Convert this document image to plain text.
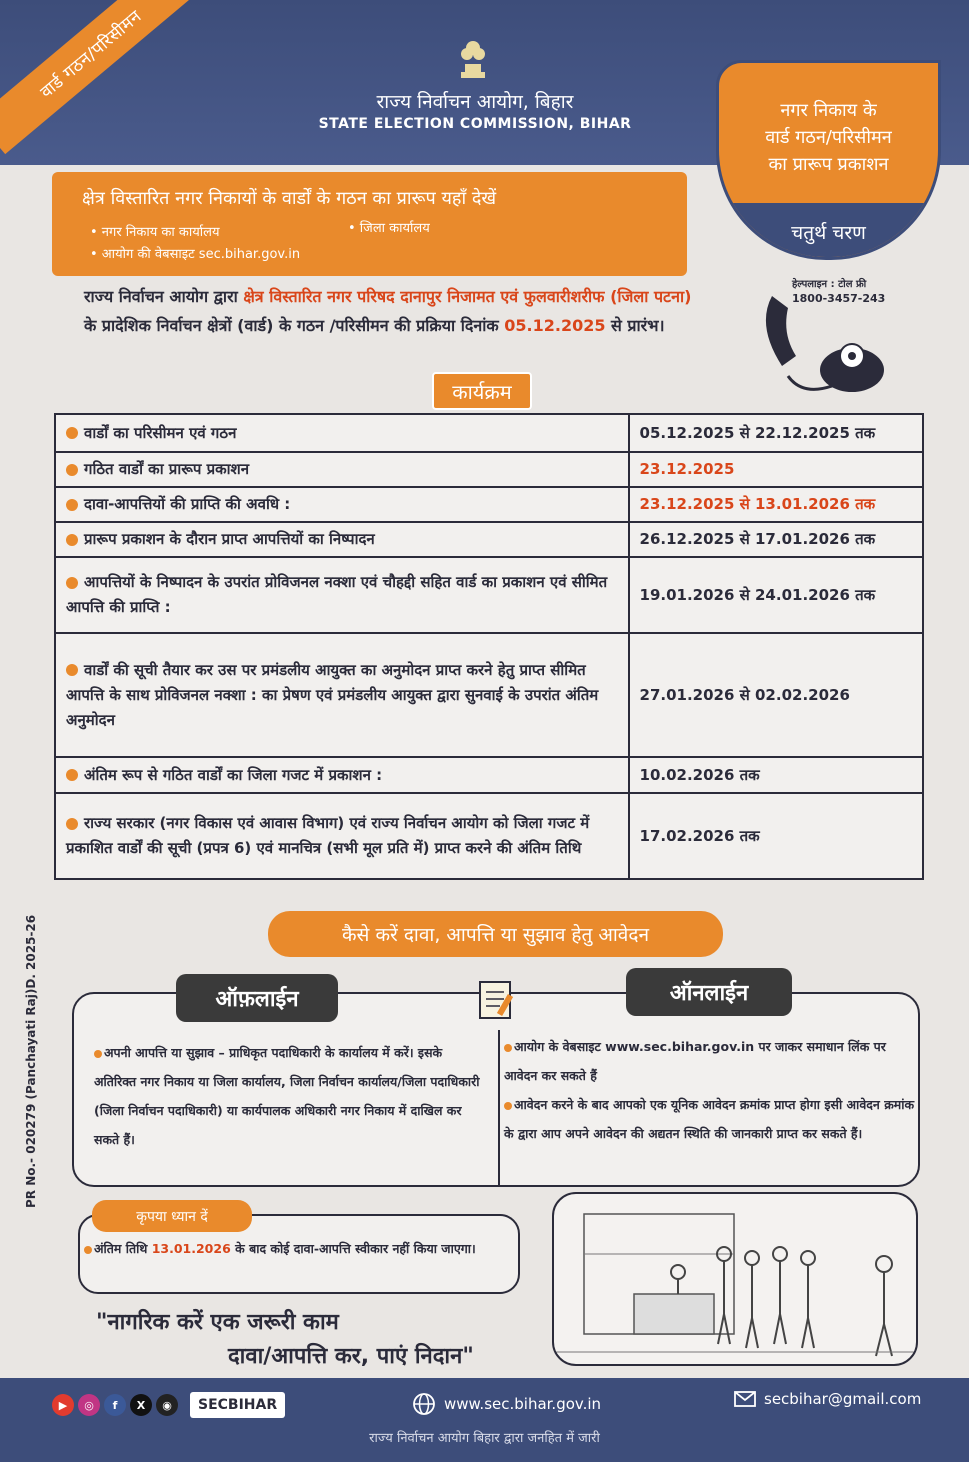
वार्ड गठन/परिसीमन	राज्य निर्वाचन आयोग, बिहार
STATE ELECTION COMMISSION, BIHAR
नगर निकाय के
वार्ड गठन/परिसीमन
का प्रारूप प्रकाशन
चतुर्थ चरण
क्षेत्र विस्तारित नगर निकायों के वार्डों के गठन का प्रारूप यहाँ देखें
• नगर निकाय का कार्यालय	• जिला कार्यालय
• आयोग की वेबसाइट sec.bihar.gov.in
हेल्पलाइन : टोल फ्री
1800-3457-243
राज्य निर्वाचन आयोग द्वारा क्षेत्र विस्तारित नगर परिषद दानापुर निजामत एवं फुलवारीशरीफ (जिला पटना) के प्रादेशिक निर्वाचन क्षेत्रों (वार्ड) के गठन /परिसीमन की प्रक्रिया दिनांक 05.12.2025 से प्रारंभ।
कार्यक्रम
वार्डों का परिसीमन एवं गठन	05.12.2025 से 22.12.2025 तक
गठित वार्डों का प्रारूप प्रकाशन	23.12.2025
दावा-आपत्तियों की प्राप्ति की अवधि :	23.12.2025 से 13.01.2026 तक
प्रारूप प्रकाशन के दौरान प्राप्त आपत्तियों का निष्पादन	26.12.2025 से 17.01.2026 तक
आपत्तियों के निष्पादन के उपरांत प्रोविजनल नक्शा एवं चौहद्दी सहित वार्ड का प्रकाशन एवं सीमित आपत्ति की प्राप्ति :	19.01.2026 से 24.01.2026 तक
वार्डों की सूची तैयार कर उस पर प्रमंडलीय आयुक्त का अनुमोदन प्राप्त करने हेतु प्राप्त सीमित आपत्ति के साथ प्रोविजनल नक्शा : का प्रेषण एवं प्रमंडलीय आयुक्त द्वारा सुनवाई के उपरांत अंतिम अनुमोदन	27.01.2026 से 02.02.2026
अंतिम रूप से गठित वार्डों का जिला गजट में प्रकाशन :	10.02.2026 तक
राज्य सरकार (नगर विकास एवं आवास विभाग) एवं राज्य निर्वाचन आयोग को जिला गजट में प्रकाशित वार्डों की सूची (प्रपत्र 6) एवं मानचित्र (सभी मूल प्रति में) प्राप्त करने की अंतिम तिथि	17.02.2026 तक
कैसे करें दावा, आपत्ति या सुझाव हेतु आवेदन
ऑफ़लाईन	ऑनलाईन
अपनी आपत्ति या सुझाव – प्राधिकृत पदाधिकारी के कार्यालय में करें। इसके अतिरिक्त नगर निकाय या जिला कार्यालय, जिला निर्वाचन कार्यालय/जिला पदाधिकारी (जिला निर्वाचन पदाधिकारी) या कार्यपालक अधिकारी नगर निकाय में दाखिल कर सकते हैं।
आयोग के वेबसाइट www.sec.bihar.gov.in पर जाकर समाधान लिंक पर आवेदन कर सकते हैं
आवेदन करने के बाद आपको एक यूनिक आवेदन क्रमांक प्राप्त होगा इसी आवेदन क्रमांक के द्वारा आप अपने आवेदन की अद्यतन स्थिति की जानकारी प्राप्त कर सकते हैं।
कृपया ध्यान दें
अंतिम तिथि 13.01.2026 के बाद कोई दावा-आपत्ति स्वीकार नहीं किया जाएगा।
"नागरिक करें एक जरूरी काम
दावा/आपत्ति कर, पाएं निदान"
PR No.- 020279 (Panchayati Raj)D. 2025-26
▶	◎	f	X	◉	SECBIHAR	www.sec.bihar.gov.in	secbihar@gmail.com
राज्य निर्वाचन आयोग बिहार द्वारा जनहित में जारी
